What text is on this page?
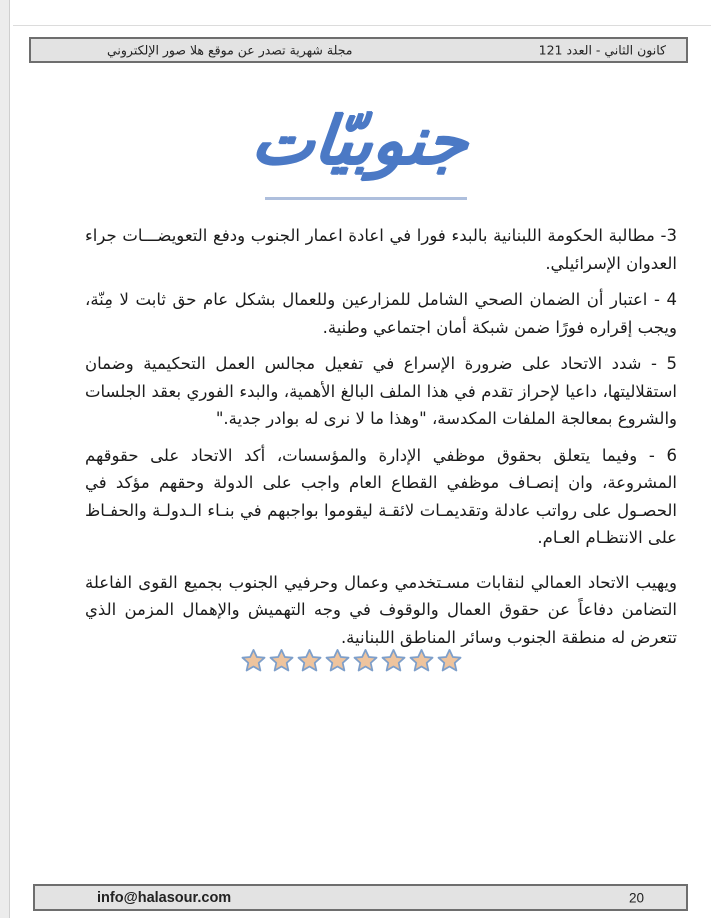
مجلة شهرية تصدر عن موقع هلا صور الإلكتروني	كانون الثاني - العدد 121
جنوبيّات

3- مطالبة الحكومة اللبنانية بالبدء فورا في اعادة اعمار الجنوب ودفع التعويضـــات جراء العدوان الإسرائيلي.

4 - اعتبار أن الضمان الصحي الشامل للمزارعين وللعمال بشكل عام حق ثابت لا مِنّة، ويجب إقراره فورًا ضمن شبكة أمان اجتماعي وطنية.

5 - شدد الاتحاد على ضرورة الإسراع في تفعيل مجالس العمل التحكيمية وضمان استقلاليتها، داعيا لإحراز تقدم في هذا الملف البالغ الأهمية، والبدء الفوري بعقد الجلسات والشروع بمعالجة الملفات المكدسة، "وهذا ما لا نرى له بوادر جدية."

6 - وفيما يتعلق بحقوق موظفي الإدارة والمؤسسات، أكد الاتحاد على حقوقهم المشروعة، وان إنصـاف موظفي القطاع العام واجب على الدولة وحقهم مؤكد في الحصـول على رواتب عادلة وتقديمـات لائقـة ليقوموا بواجبهم في بنـاء الـدولـة والحفـاظ على الانتظـام العـام.

ويهيب الاتحاد العمالي لنقابات مسـتخدمي وعمال وحرفيي الجنوب بجميع القوى الفاعلة التضامن دفاعاً عن حقوق العمال والوقوف في وجه التهميش والإهمال المزمن الذي تتعرض له منطقة الجنوب وسائر المناطق اللبنانية.

info@halasour.com	20
